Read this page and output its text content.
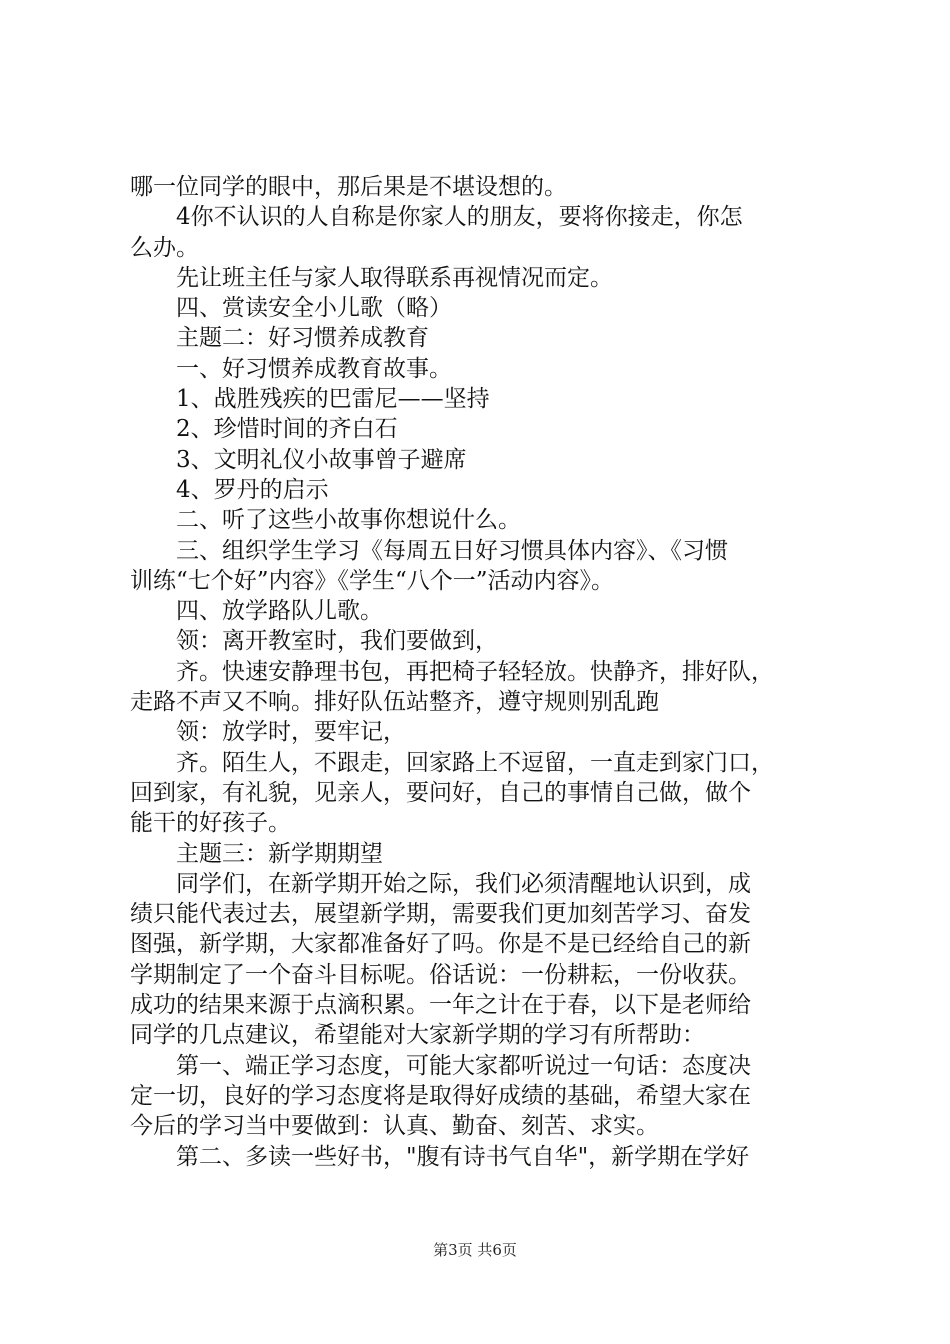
哪一位同学的眼中，那后果是不堪设想的。
4你不认识的人自称是你家人的朋友，要将你接走，你怎
么办。
先让班主任与家人取得联系再视情况而定。
四、赏读安全小儿歌（略）
主题二：好习惯养成教育
一、好习惯养成教育故事。
1、战胜残疾的巴雷尼——坚持
2、珍惜时间的齐白石
3、文明礼仪小故事曾子避席
4、罗丹的启示
二、听了这些小故事你想说什么。
三、组织学生学习《每周五日好习惯具体内容》、《习惯
训练“七个好”内容》《学生“八个一”活动内容》。
四、放学路队儿歌。
领：离开教室时，我们要做到，
齐。快速安静理书包，再把椅子轻轻放。快静齐，排好队，
走路不声又不响。排好队伍站整齐，遵守规则别乱跑
领：放学时，要牢记，
齐。陌生人，不跟走，回家路上不逗留，一直走到家门口，
回到家，有礼貌，见亲人，要问好，自己的事情自己做，做个
能干的好孩子。
主题三：新学期期望
同学们，在新学期开始之际，我们必须清醒地认识到，成
绩只能代表过去，展望新学期，需要我们更加刻苦学习、奋发
图强，新学期，大家都准备好了吗。你是不是已经给自己的新
学期制定了一个奋斗目标呢。俗话说：一份耕耘，一份收获。
成功的结果来源于点滴积累。一年之计在于春，以下是老师给
同学的几点建议，希望能对大家新学期的学习有所帮助：
第一、端正学习态度，可能大家都听说过一句话：态度决
定一切，良好的学习态度将是取得好成绩的基础，希望大家在
今后的学习当中要做到：认真、勤奋、刻苦、求实。
第二、多读一些好书，"腹有诗书气自华"，新学期在学好
第3页 共6页
